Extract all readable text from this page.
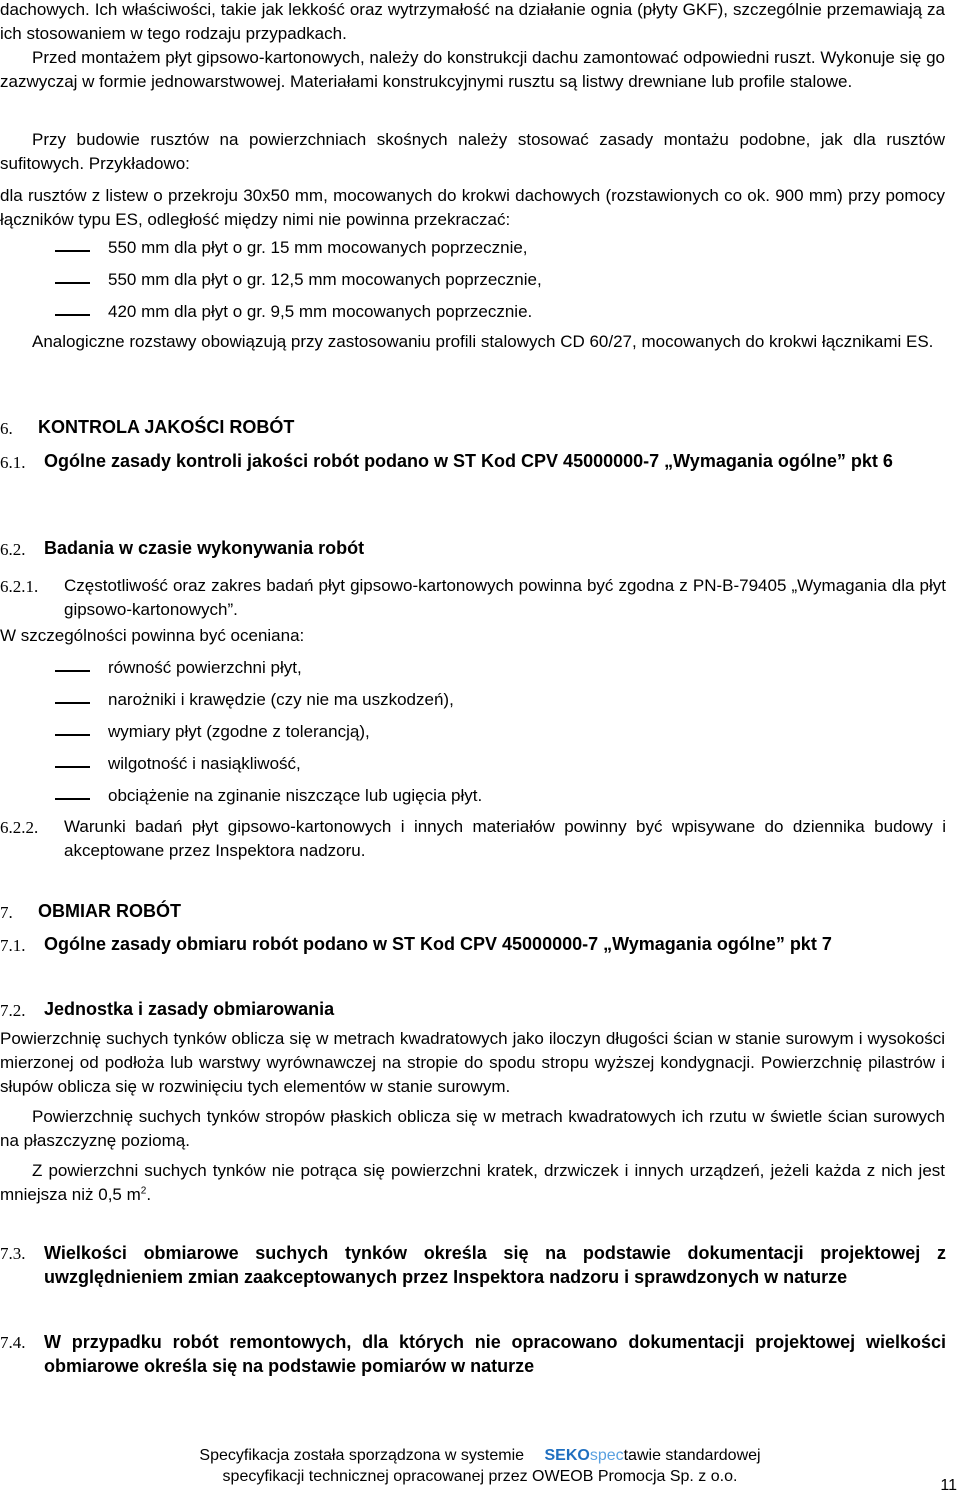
dachowych. Ich właściwości, takie jak lekkość oraz wytrzymałość na działanie ognia (płyty GKF), szczególnie przemawiają za ich stosowaniem w tego rodzaju przypadkach.

Przed montażem płyt gipsowo-kartonowych, należy do konstrukcji dachu zamontować odpowiedni ruszt. Wykonuje się go zazwyczaj w formie jednowarstwowej. Materiałami konstrukcyjnymi rusztu są listwy drewniane lub profile stalowe.

Przy budowie rusztów na powierzchniach skośnych należy stosować zasady montażu podobne, jak dla rusztów sufitowych. Przykładowo:

dla rusztów z listew o przekroju 30x50 mm, mocowanych do krokwi dachowych (rozstawionych co ok. 900 mm) przy pomocy łączników typu ES, odległość między nimi nie powinna przekraczać:

550 mm dla płyt o gr. 15 mm mocowanych poprzecznie,
550 mm dla płyt o gr. 12,5 mm mocowanych poprzecznie,
420 mm dla płyt o gr. 9,5 mm mocowanych poprzecznie.

Analogiczne rozstawy obowiązują przy zastosowaniu profili stalowych CD 60/27, mocowanych do krokwi łącznikami ES.

6. KONTROLA JAKOŚCI ROBÓT
6.1. Ogólne zasady kontroli jakości robót podano w ST Kod CPV 45000000-7 „Wymagania ogólne” pkt 6
6.2. Badania w czasie wykonywania robót
6.2.1. Częstotliwość oraz zakres badań płyt gipsowo-kartonowych powinna być zgodna z PN-B-79405 „Wymagania dla płyt gipsowo-kartonowych”.

W szczególności powinna być oceniana:

równość powierzchni płyt,
narożniki i krawędzie (czy nie ma uszkodzeń),
wymiary płyt (zgodne z tolerancją),
wilgotność i nasiąkliwość,
obciążenie na zginanie niszczące lub ugięcia płyt.
6.2.2. Warunki badań płyt gipsowo-kartonowych i innych materiałów powinny być wpisywane do dziennika budowy i akceptowane przez Inspektora nadzoru.
7. OBMIAR ROBÓT
7.1. Ogólne zasady obmiaru robót podano w ST Kod CPV 45000000-7 „Wymagania ogólne” pkt 7
7.2. Jednostka i zasady obmiarowania

Powierzchnię suchych tynków oblicza się w metrach kwadratowych jako iloczyn długości ścian w stanie surowym i wysokości mierzonej od podłoża lub warstwy wyrównawczej na stropie do spodu stropu wyższej kondygnacji. Powierzchnię pilastrów i słupów oblicza się w rozwinięciu tych elementów w stanie surowym.

Powierzchnię suchych tynków stropów płaskich oblicza się w metrach kwadratowych ich rzutu w świetle ścian surowych na płaszczyznę poziomą.

Z powierzchni suchych tynków nie potrąca się powierzchni kratek, drzwiczek i innych urządzeń, jeżeli każda z nich jest mniejsza niż 0,5 $m^2$.

7.3. Wielkości obmiarowe suchych tynków określa się na podstawie dokumentacji projektowej z uwzględnieniem zmian zaakceptowanych przez Inspektora nadzoru i sprawdzonych w naturze
7.4. W przypadku robót remontowych, dla których nie opracowano dokumentacji projektowej wielkości obmiarowe określa się na podstawie pomiarów w naturze
Specyfikacja została sporządzona w systemie SEKOspectawie standardowej
specyfikacji technicznej opracowanej przez OWEOB Promocja Sp. z o.o.
11
